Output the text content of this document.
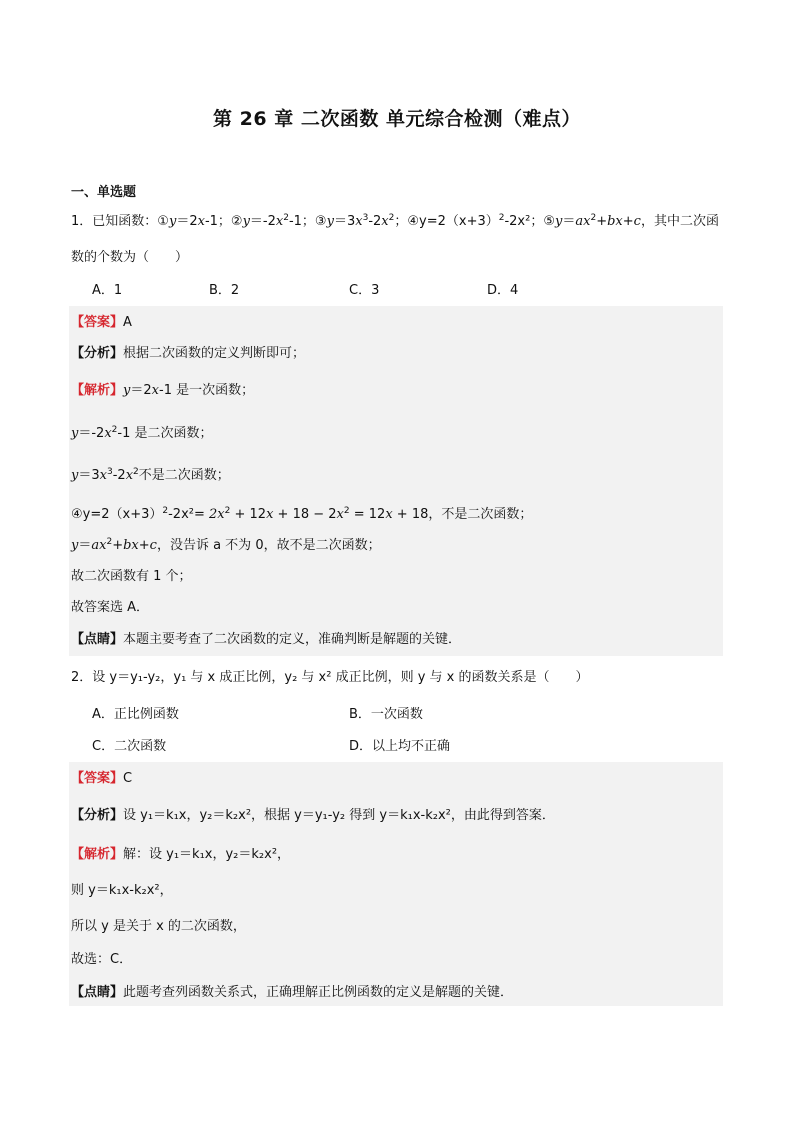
第 26 章 二次函数 单元综合检测（难点）
一、单选题
1．已知函数：①y＝2x-1；$②y=-2x^2-1$；$③y=3x^3-2x^2$；$④y=2(x+3)^2-2x^2$；$⑤y=ax^2+bx+c$，其中二次函
数的个数为（　　）
A．1	B．2	C．3	D．4
【答案】A
【分析】根据二次函数的定义判断即可；
【解析】y＝2x-1 是一次函数；
$y=-2x^2-1$ 是二次函数；
$y=3x^3-2x^2$不是二次函数；
$④y=2(x+3)^2-2x^2= 2x^2 + 12x + 18 - 2x^2 = 12x + 18$，不是二次函数；
$y=ax^2+bx+c$，没告诉 a 不为 0，故不是二次函数；
故二次函数有 1 个；
故答案选 A．
【点睛】本题主要考查了二次函数的定义，准确判断是解题的关键．
2．设 y＝y₁-y₂，y₁ 与 x 成正比例，y₂ 与 x² 成正比例，则 y 与 x 的函数关系是（　　）
A．正比例函数	B．一次函数
C．二次函数	D．以上均不正确
【答案】C
【分析】设 y₁＝k₁x，y₂＝k₂x²，根据 y＝y₁-y₂ 得到 y＝k₁x-k₂x²，由此得到答案．
【解析】解：设 y₁＝k₁x，y₂＝k₂x²，
则 y＝k₁x-k₂x²，
所以 y 是关于 x 的二次函数，
故选：C．
【点睛】此题考查列函数关系式，正确理解正比例函数的定义是解题的关键．
